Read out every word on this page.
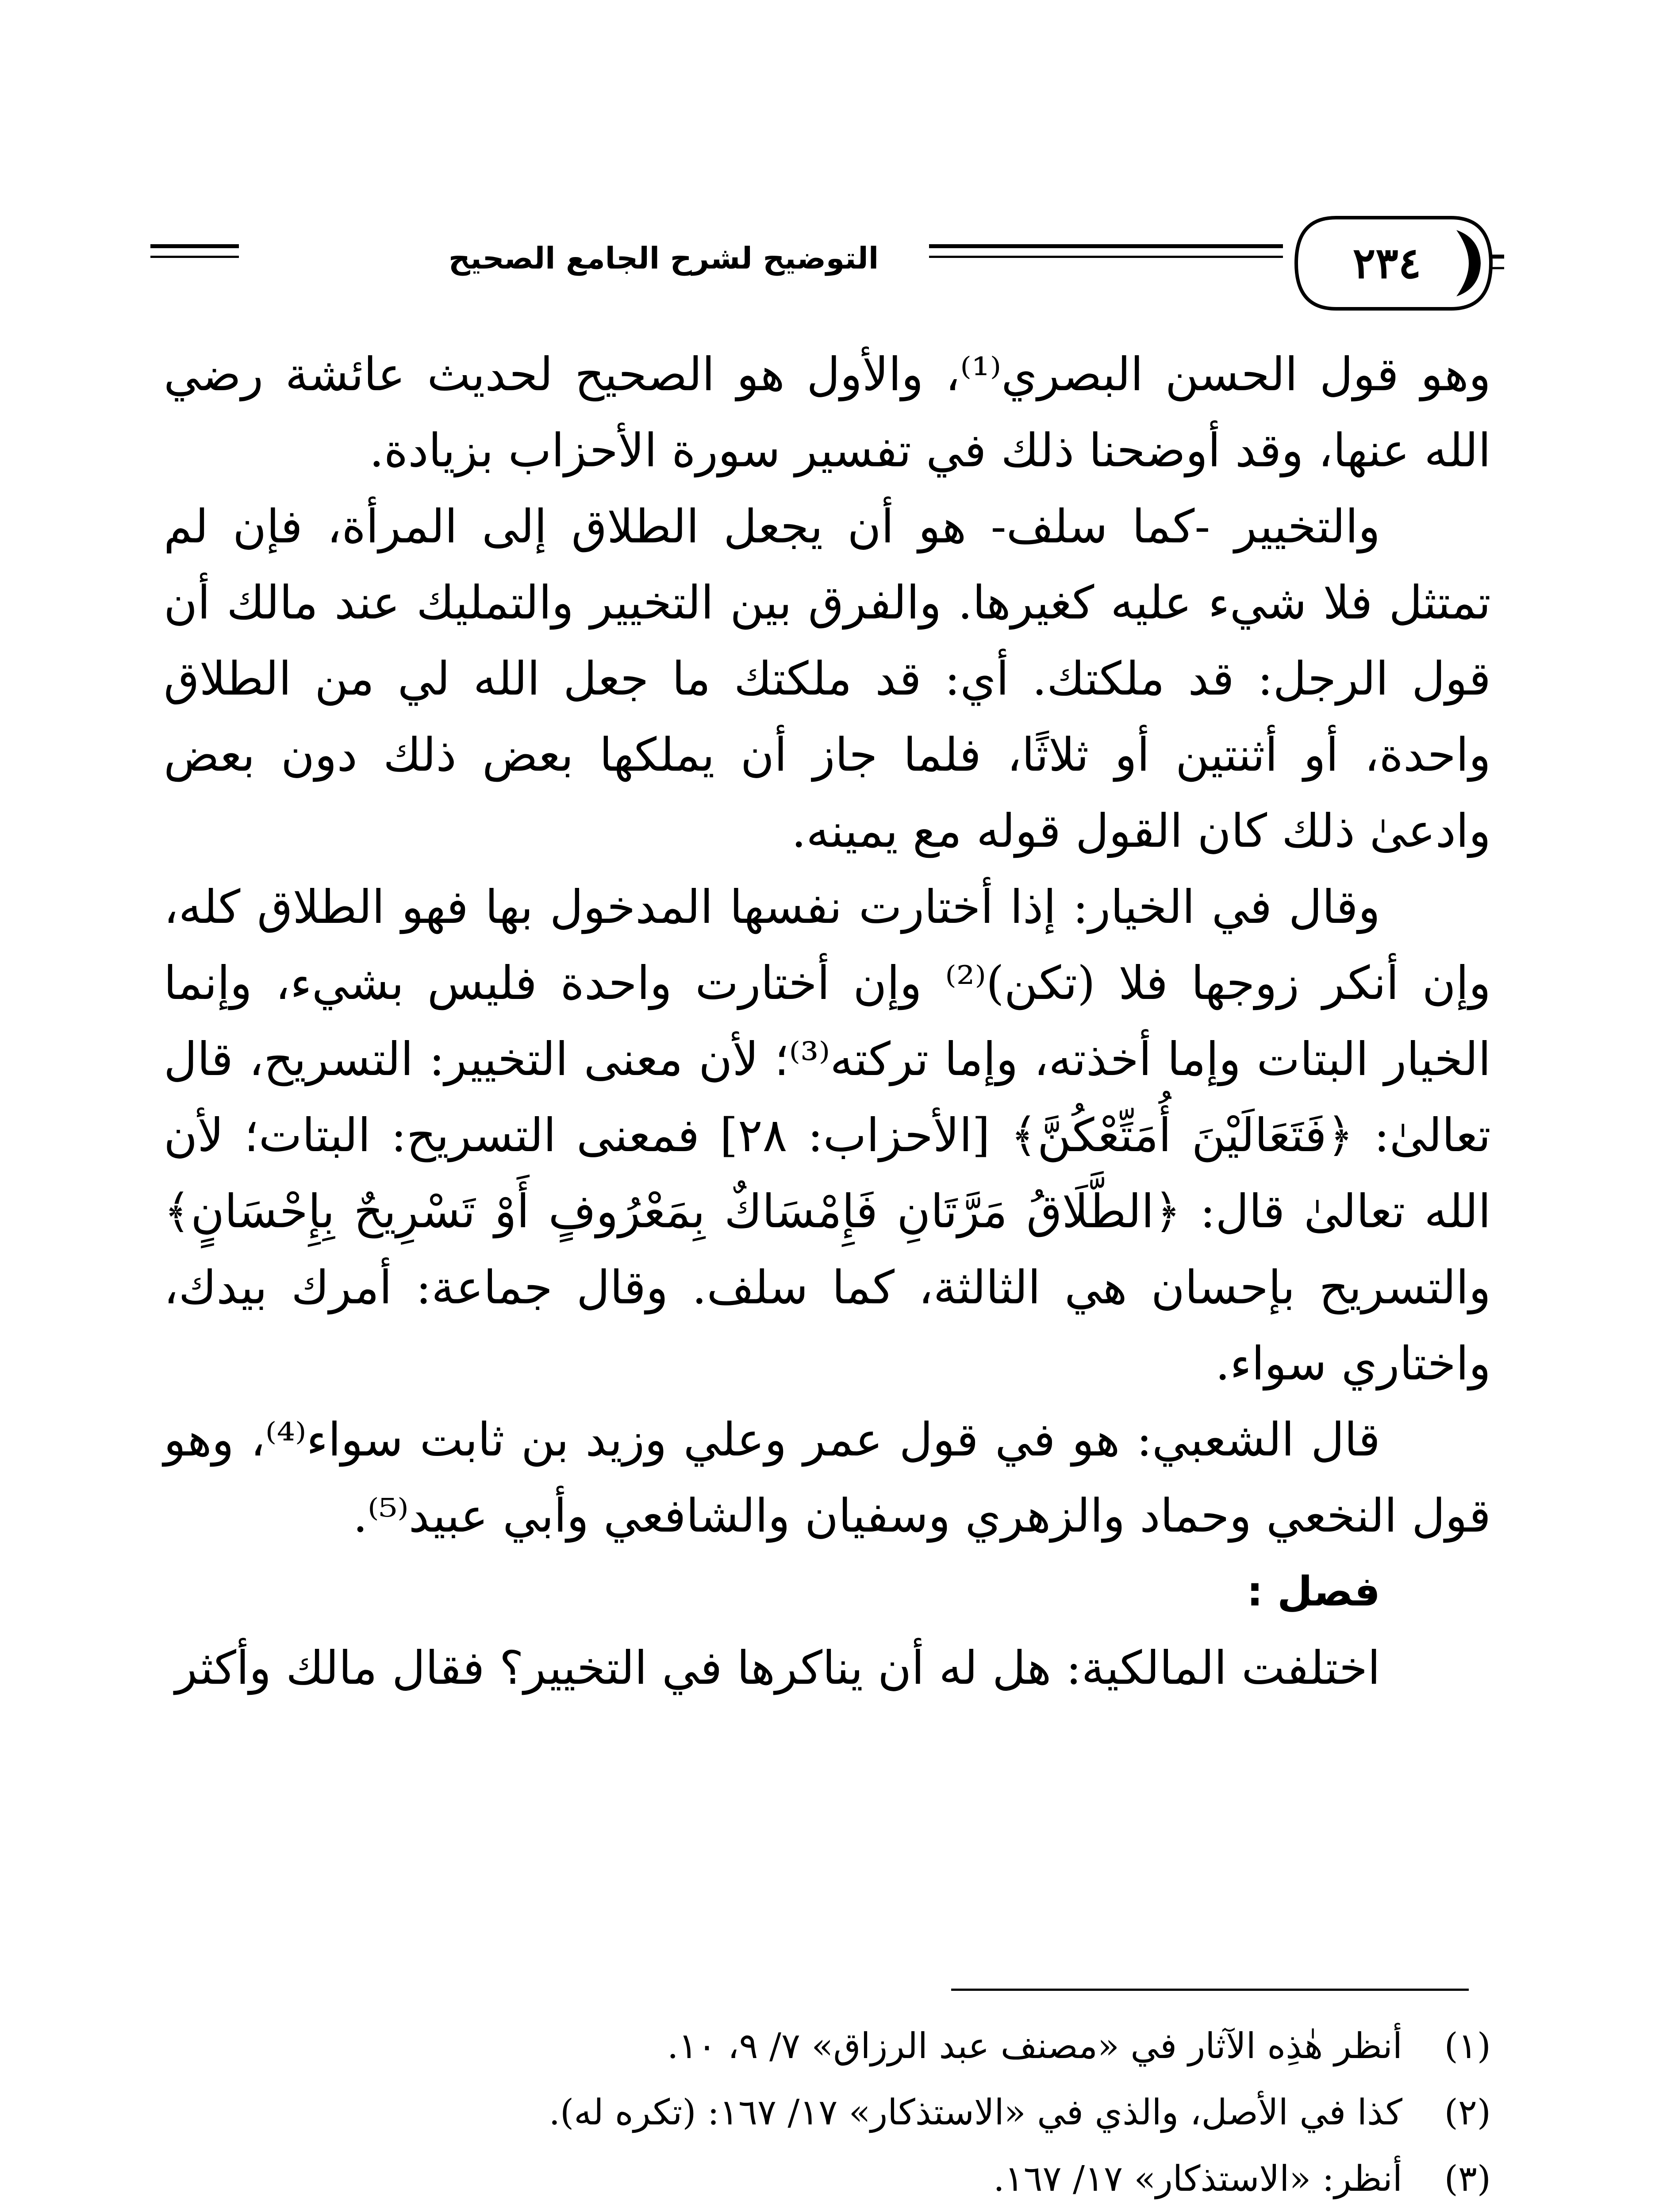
التوضيح لشرح الجامع الصحيح	٢٣٤

وهو قول الحسن البصري⁽¹⁾، والأول هو الصحيح لحديث عائشة رضي الله عنها، وقد أوضحنا ذلك في تفسير سورة الأحزاب بزيادة.

والتخيير -كما سلف- هو أن يجعل الطلاق إلى المرأة، فإن لم تمتثل فلا شيء عليه كغيرها. والفرق بين التخيير والتمليك عند مالك أن قول الرجل: قد ملكتك. أي: قد ملكتك ما جعل الله لي من الطلاق واحدة، أو أثنتين أو ثلاثًا، فلما جاز أن يملكها بعض ذلك دون بعض وادعىٰ ذلك كان القول قوله مع يمينه.

وقال في الخيار: إذا أختارت نفسها المدخول بها فهو الطلاق كله، وإن أنكر زوجها فلا (تكن)⁽²⁾ وإن أختارت واحدة فليس بشيء، وإنما الخيار البتات وإما أخذته، وإما تركته⁽³⁾؛ لأن معنى التخيير: التسريح، قال تعالىٰ: ﴿فَتَعَالَيْنَ أُمَتِّعْكُنَّ﴾ [الأحزاب: ٢٨] فمعنى التسريح: البتات؛ لأن الله تعالىٰ قال: ﴿الطَّلَاقُ مَرَّتَانِ فَإِمْسَاكٌ بِمَعْرُوفٍ أَوْ تَسْرِيحٌ بِإِحْسَانٍ﴾ والتسريح بإحسان هي الثالثة، كما سلف. وقال جماعة: أمرك بيدك، واختاري سواء.

قال الشعبي: هو في قول عمر وعلي وزيد بن ثابت سواء⁽⁴⁾، وهو قول النخعي وحماد والزهري وسفيان والشافعي وأبي عبيد⁽⁵⁾.

فصل :

اختلفت المالكية: هل له أن يناكرها في التخيير؟ فقال مالك وأكثر

(١)أنظر هٰذِه الآثار في «مصنف عبد الرزاق» ٧/ ٩، ١٠.

(٢)كذا في الأصل، والذي في «الاستذكار» ١٧/ ١٦٧: (تكره له).

(٣)أنظر: «الاستذكار» ١٧/ ١٦٧.
